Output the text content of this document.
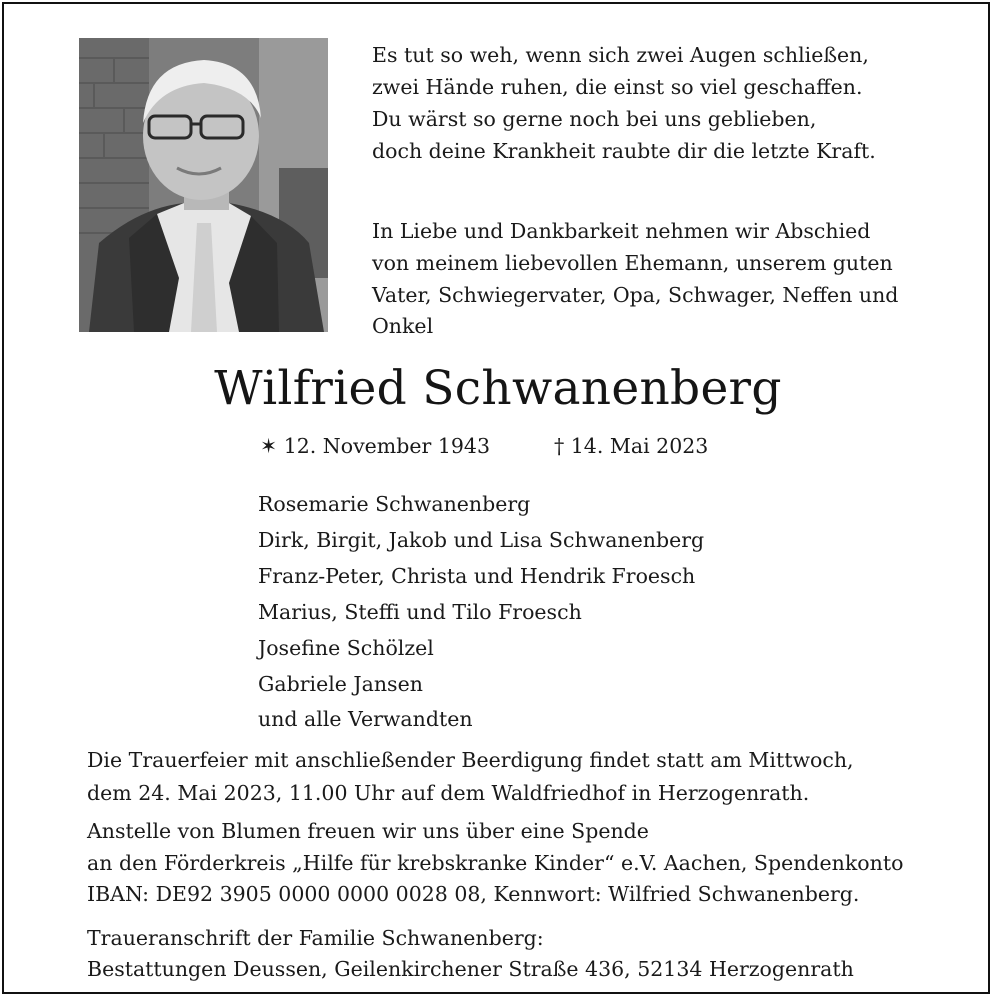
Es tut so weh, wenn sich zwei Augen schließen,
zwei Hände ruhen, die einst so viel geschaffen.
Du wärst so gerne noch bei uns geblieben,
doch deine Krankheit raubte dir die letzte Kraft.
In Liebe und Dankbarkeit nehmen wir Abschied
von meinem liebevollen Ehemann, unserem guten
Vater, Schwiegervater, Opa, Schwager, Neffen und
Onkel
Wilfried Schwanenberg
✶ 12. November 1943	† 14. Mai 2023
Rosemarie Schwanenberg
Dirk, Birgit, Jakob und Lisa Schwanenberg
Franz-Peter, Christa und Hendrik Froesch
Marius, Steffi und Tilo Froesch
Josefine Schölzel
Gabriele Jansen
und alle Verwandten
Die Trauerfeier mit anschließender Beerdigung findet statt am Mittwoch,
dem 24. Mai 2023, 11.00 Uhr auf dem Waldfriedhof in Herzogenrath.
Anstelle von Blumen freuen wir uns über eine Spende
an den Förderkreis „Hilfe für krebskranke Kinder“ e.V. Aachen, Spendenkonto
IBAN: DE92 3905 0000 0000 0028 08, Kennwort: Wilfried Schwanenberg.
Traueranschrift der Familie Schwanenberg:
Bestattungen Deussen, Geilenkirchener Straße 436, 52134 Herzogenrath
